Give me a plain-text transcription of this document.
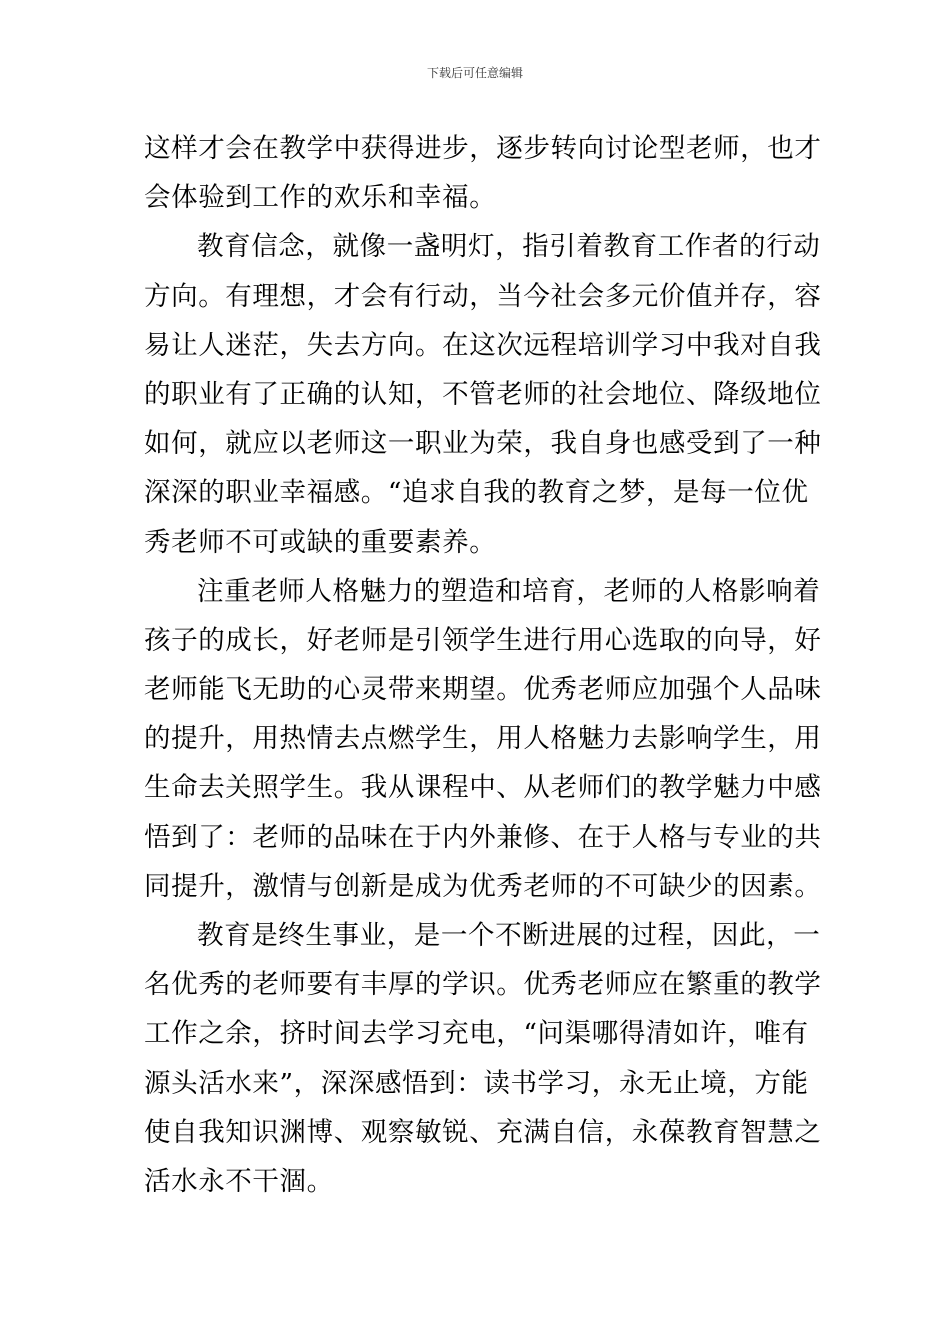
下载后可任意编辑

这样才会在教学中获得进步，逐步转向讨论型老师，也才
会体验到工作的欢乐和幸福。

教育信念，就像一盏明灯，指引着教育工作者的行动
方向。有理想，才会有行动，当今社会多元价值并存，容
易让人迷茫，失去方向。在这次远程培训学习中我对自我
的职业有了正确的认知，不管老师的社会地位、降级地位
如何，就应以老师这一职业为荣，我自身也感受到了一种
深深的职业幸福感。“追求自我的教育之梦，是每一位优
秀老师不可或缺的重要素养。

注重老师人格魅力的塑造和培育，老师的人格影响着
孩子的成长，好老师是引领学生进行用心选取的向导，好
老师能飞无助的心灵带来期望。优秀老师应加强个人品味
的提升，用热情去点燃学生，用人格魅力去影响学生，用
生命去关照学生。我从课程中、从老师们的教学魅力中感
悟到了：老师的品味在于内外兼修、在于人格与专业的共
同提升，激情与创新是成为优秀老师的不可缺少的因素。

教育是终生事业，是一个不断进展的过程，因此，一
名优秀的老师要有丰厚的学识。优秀老师应在繁重的教学
工作之余，挤时间去学习充电，“问渠哪得清如许，唯有
源头活水来”，深深感悟到：读书学习，永无止境，方能
使自我知识渊博、观察敏锐、充满自信，永葆教育智慧之
活水永不干涸。
